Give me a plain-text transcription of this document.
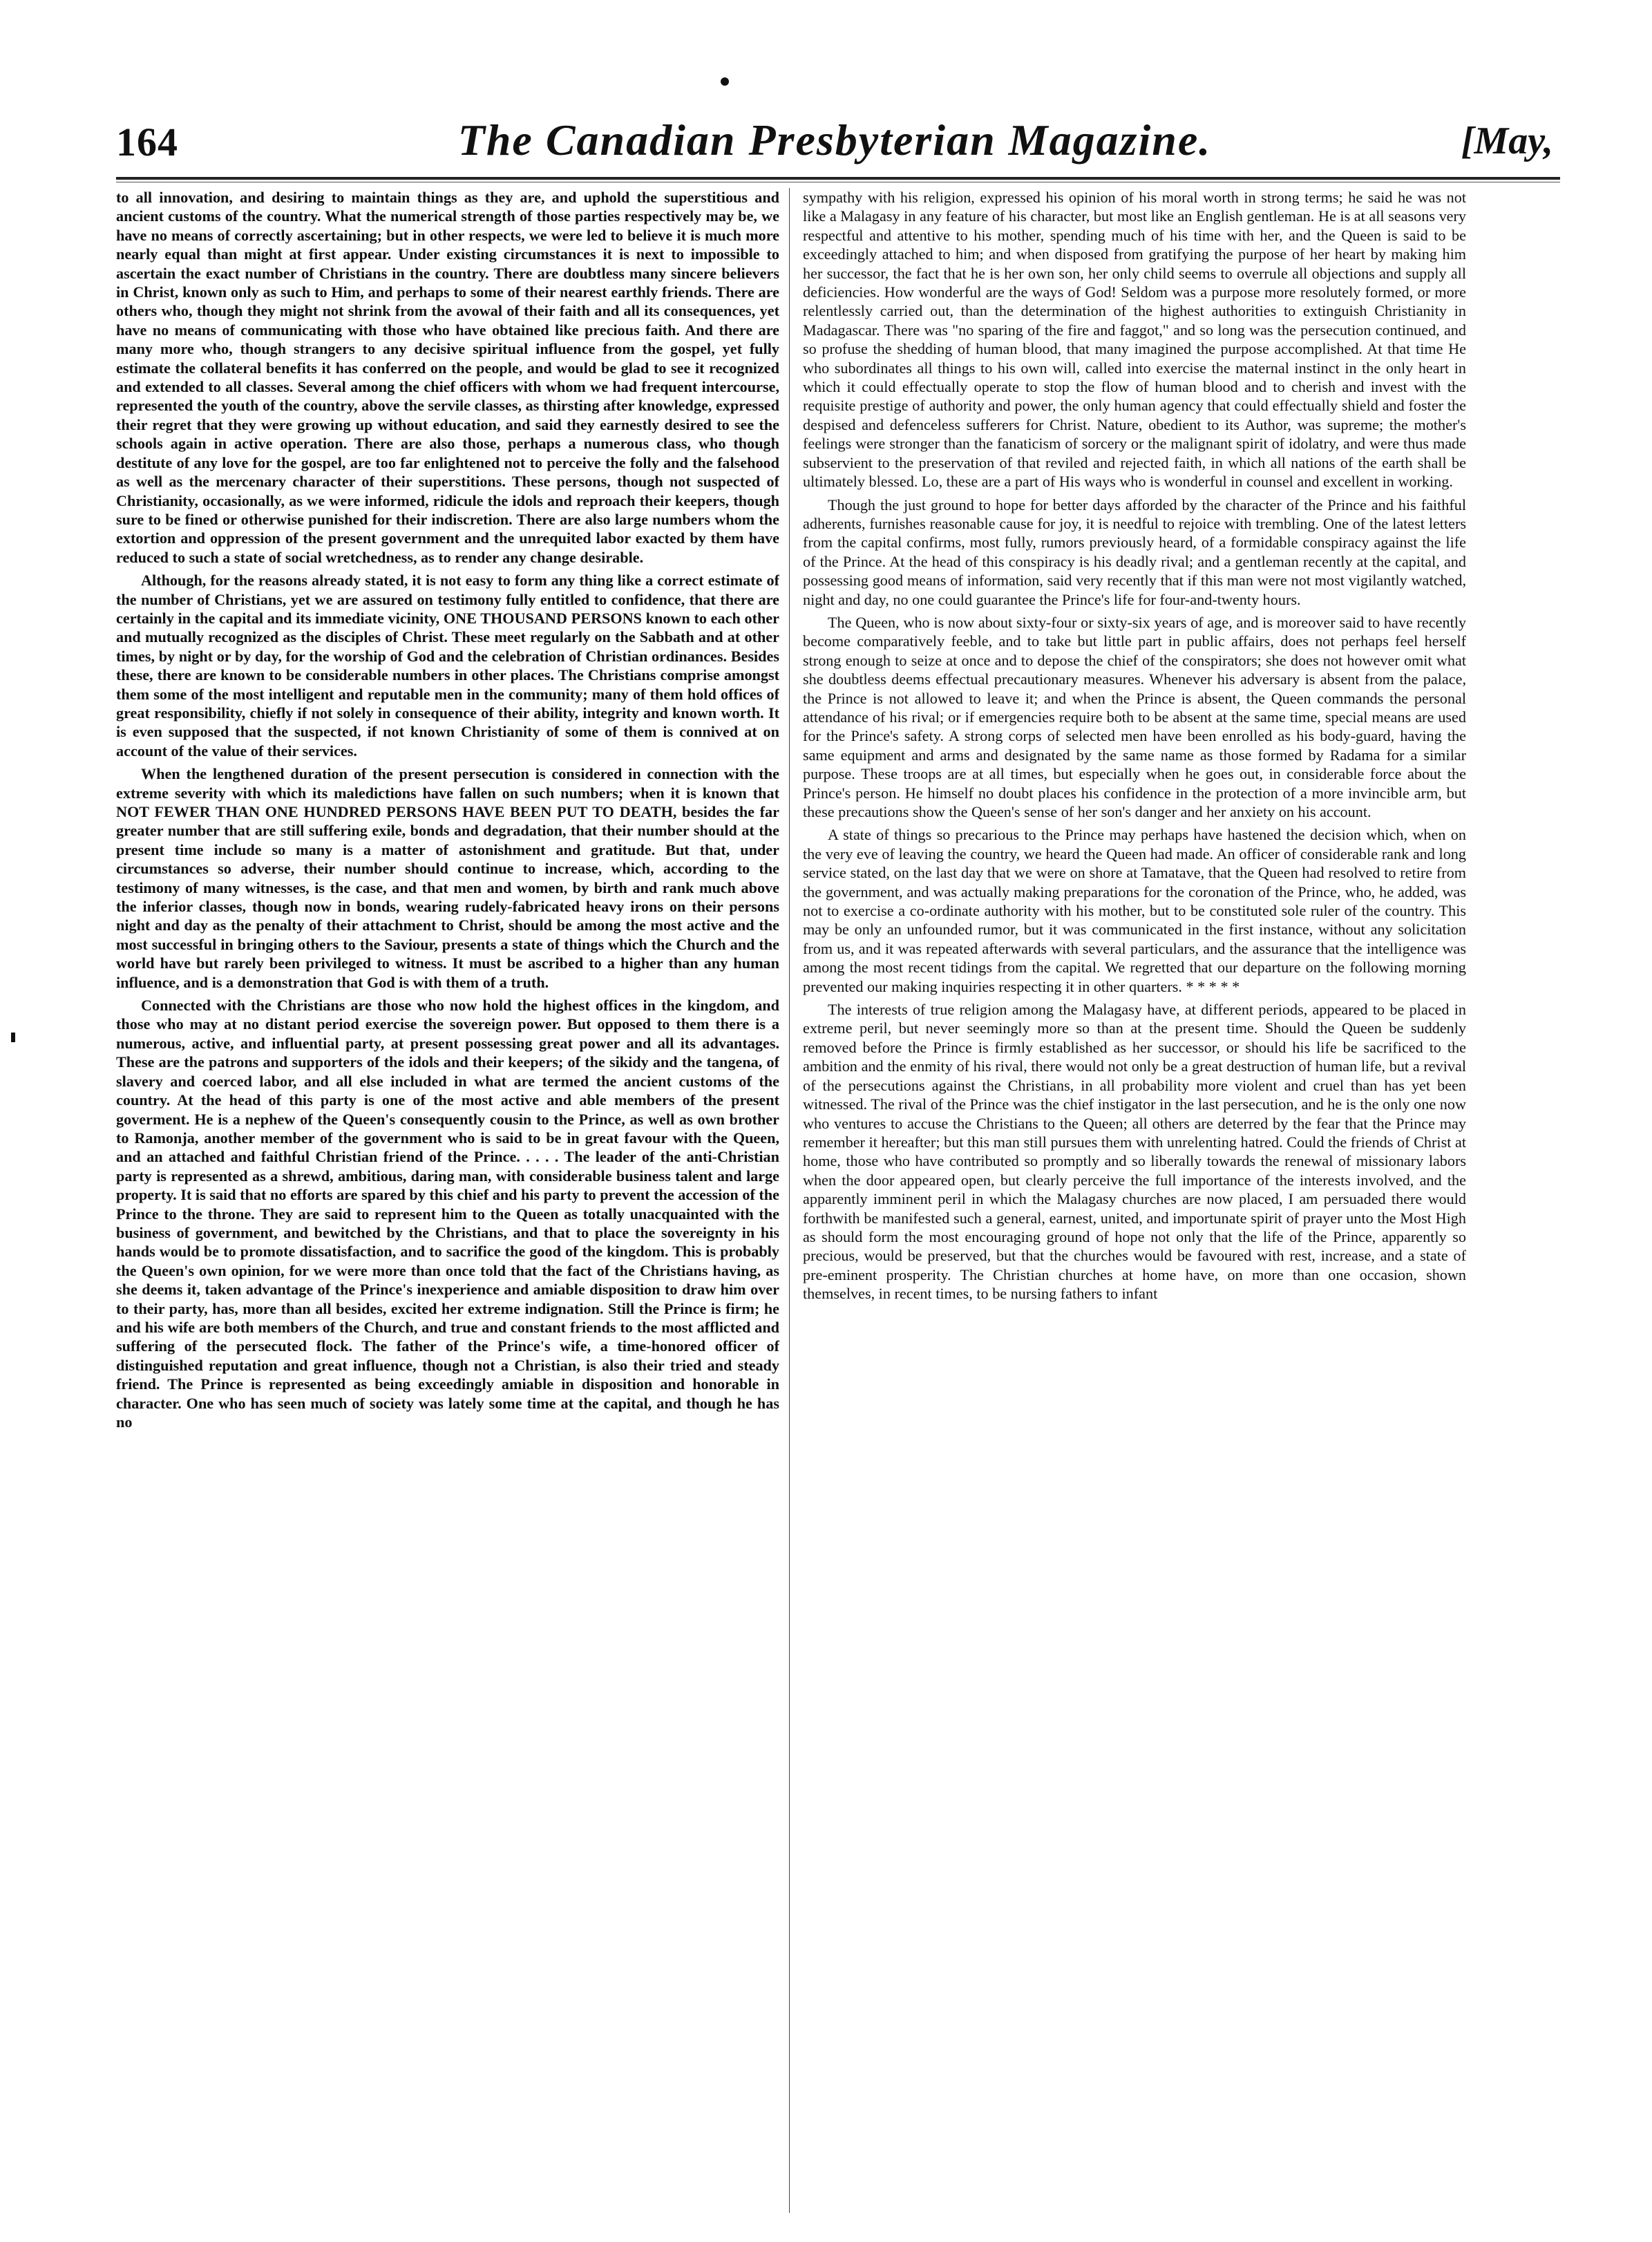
164	The Canadian Presbyterian Magazine.	[May,

to all innovation, and desiring to maintain things as they are, and uphold the superstitious and ancient customs of the country. What the numerical strength of those parties respectively may be, we have no means of correctly ascertaining; but in other respects, we were led to believe it is much more nearly equal than might at first appear. Under existing circumstances it is next to impossible to ascertain the exact number of Christians in the country. There are doubtless many sincere believers in Christ, known only as such to Him, and perhaps to some of their nearest earthly friends. There are others who, though they might not shrink from the avowal of their faith and all its consequences, yet have no means of communicating with those who have obtained like precious faith. And there are many more who, though strangers to any decisive spiritual influence from the gospel, yet fully estimate the collateral benefits it has conferred on the people, and would be glad to see it recognized and extended to all classes. Several among the chief officers with whom we had frequent intercourse, represented the youth of the country, above the servile classes, as thirsting after knowledge, expressed their regret that they were growing up without education, and said they earnestly desired to see the schools again in active operation. There are also those, perhaps a numerous class, who though destitute of any love for the gospel, are too far enlightened not to perceive the folly and the falsehood as well as the mercenary character of their superstitions. These persons, though not suspected of Christianity, occasionally, as we were informed, ridicule the idols and reproach their keepers, though sure to be fined or otherwise punished for their indiscretion. There are also large numbers whom the extortion and oppression of the present government and the unrequited labor exacted by them have reduced to such a state of social wretchedness, as to render any change desirable.

Although, for the reasons already stated, it is not easy to form any thing like a correct estimate of the number of Christians, yet we are assured on testimony fully entitled to confidence, that there are certainly in the capital and its immediate vicinity, ONE THOUSAND PERSONS known to each other and mutually recognized as the disciples of Christ. These meet regularly on the Sabbath and at other times, by night or by day, for the worship of God and the celebration of Christian ordinances. Besides these, there are known to be considerable numbers in other places. The Christians comprise amongst them some of the most intelligent and reputable men in the community; many of them hold offices of great responsibility, chiefly if not solely in consequence of their ability, integrity and known worth. It is even supposed that the suspected, if not known Christianity of some of them is connived at on account of the value of their services.

When the lengthened duration of the present persecution is considered in connection with the extreme severity with which its maledictions have fallen on such numbers; when it is known that NOT FEWER THAN ONE HUNDRED PERSONS HAVE BEEN PUT TO DEATH, besides the far greater number that are still suffering exile, bonds and degradation, that their number should at the present time include so many is a matter of astonishment and gratitude. But that, under circumstances so adverse, their number should continue to increase, which, according to the testimony of many witnesses, is the case, and that men and women, by birth and rank much above the inferior classes, though now in bonds, wearing rudely-fabricated heavy irons on their persons night and day as the penalty of their attachment to Christ, should be among the most active and the most successful in bringing others to the Saviour, presents a state of things which the Church and the world have but rarely been privileged to witness. It must be ascribed to a higher than any human influence, and is a demonstration that God is with them of a truth.

Connected with the Christians are those who now hold the highest offices in the kingdom, and those who may at no distant period exercise the sovereign power. But opposed to them there is a numerous, active, and influential party, at present possessing great power and all its advantages. These are the patrons and supporters of the idols and their keepers; of the sikidy and the tangena, of slavery and coerced labor, and all else included in what are termed the ancient customs of the country. At the head of this party is one of the most active and able members of the present goverment. He is a nephew of the Queen's consequently cousin to the Prince, as well as own brother to Ramonja, another member of the government who is said to be in great favour with the Queen, and an attached and faithful Christian friend of the Prince. . . . . The leader of the anti-Christian party is represented as a shrewd, ambitious, daring man, with considerable business talent and large property. It is said that no efforts are spared by this chief and his party to prevent the accession of the Prince to the throne. They are said to represent him to the Queen as totally unacquainted with the business of government, and bewitched by the Christians, and that to place the sovereignty in his hands would be to promote dissatisfaction, and to sacrifice the good of the kingdom. This is probably the Queen's own opinion, for we were more than once told that the fact of the Christians having, as she deems it, taken advantage of the Prince's inexperience and amiable disposition to draw him over to their party, has, more than all besides, excited her extreme indignation. Still the Prince is firm; he and his wife are both members of the Church, and true and constant friends to the most afflicted and suffering of the persecuted flock. The father of the Prince's wife, a time-honored officer of distinguished reputation and great influence, though not a Christian, is also their tried and steady friend. The Prince is represented as being exceedingly amiable in disposition and honorable in character. One who has seen much of society was lately some time at the capital, and though he has no

sympathy with his religion, expressed his opinion of his moral worth in strong terms; he said he was not like a Malagasy in any feature of his character, but most like an English gentleman. He is at all seasons very respectful and attentive to his mother, spending much of his time with her, and the Queen is said to be exceedingly attached to him; and when disposed from gratifying the purpose of her heart by making him her successor, the fact that he is her own son, her only child seems to overrule all objections and supply all deficiencies. How wonderful are the ways of God! Seldom was a purpose more resolutely formed, or more relentlessly carried out, than the determination of the highest authorities to extinguish Christianity in Madagascar. There was "no sparing of the fire and faggot," and so long was the persecution continued, and so profuse the shedding of human blood, that many imagined the purpose accomplished. At that time He who subordinates all things to his own will, called into exercise the maternal instinct in the only heart in which it could effectually operate to stop the flow of human blood and to cherish and invest with the requisite prestige of authority and power, the only human agency that could effectually shield and foster the despised and defenceless sufferers for Christ. Nature, obedient to its Author, was supreme; the mother's feelings were stronger than the fanaticism of sorcery or the malignant spirit of idolatry, and were thus made subservient to the preservation of that reviled and rejected faith, in which all nations of the earth shall be ultimately blessed. Lo, these are a part of His ways who is wonderful in counsel and excellent in working.

Though the just ground to hope for better days afforded by the character of the Prince and his faithful adherents, furnishes reasonable cause for joy, it is needful to rejoice with trembling. One of the latest letters from the capital confirms, most fully, rumors previously heard, of a formidable conspiracy against the life of the Prince. At the head of this conspiracy is his deadly rival; and a gentleman recently at the capital, and possessing good means of information, said very recently that if this man were not most vigilantly watched, night and day, no one could guarantee the Prince's life for four-and-twenty hours.

The Queen, who is now about sixty-four or sixty-six years of age, and is moreover said to have recently become comparatively feeble, and to take but little part in public affairs, does not perhaps feel herself strong enough to seize at once and to depose the chief of the conspirators; she does not however omit what she doubtless deems effectual precautionary measures. Whenever his adversary is absent from the palace, the Prince is not allowed to leave it; and when the Prince is absent, the Queen commands the personal attendance of his rival; or if emergencies require both to be absent at the same time, special means are used for the Prince's safety. A strong corps of selected men have been enrolled as his body-guard, having the same equipment and arms and designated by the same name as those formed by Radama for a similar purpose. These troops are at all times, but especially when he goes out, in considerable force about the Prince's person. He himself no doubt places his confidence in the protection of a more invincible arm, but these precautions show the Queen's sense of her son's danger and her anxiety on his account.

A state of things so precarious to the Prince may perhaps have hastened the decision which, when on the very eve of leaving the country, we heard the Queen had made. An officer of considerable rank and long service stated, on the last day that we were on shore at Tamatave, that the Queen had resolved to retire from the government, and was actually making preparations for the coronation of the Prince, who, he added, was not to exercise a co-ordinate authority with his mother, but to be constituted sole ruler of the country. This may be only an unfounded rumor, but it was communicated in the first instance, without any solicitation from us, and it was repeated afterwards with several particulars, and the assurance that the intelligence was among the most recent tidings from the capital. We regretted that our departure on the following morning prevented our making inquiries respecting it in other quarters. * * * * *

The interests of true religion among the Malagasy have, at different periods, appeared to be placed in extreme peril, but never seemingly more so than at the present time. Should the Queen be suddenly removed before the Prince is firmly established as her successor, or should his life be sacrificed to the ambition and the enmity of his rival, there would not only be a great destruction of human life, but a revival of the persecutions against the Christians, in all probability more violent and cruel than has yet been witnessed. The rival of the Prince was the chief instigator in the last persecution, and he is the only one now who ventures to accuse the Christians to the Queen; all others are deterred by the fear that the Prince may remember it hereafter; but this man still pursues them with unrelenting hatred. Could the friends of Christ at home, those who have contributed so promptly and so liberally towards the renewal of missionary labors when the door appeared open, but clearly perceive the full importance of the interests involved, and the apparently imminent peril in which the Malagasy churches are now placed, I am persuaded there would forthwith be manifested such a general, earnest, united, and importunate spirit of prayer unto the Most High as should form the most encouraging ground of hope not only that the life of the Prince, apparently so precious, would be preserved, but that the churches would be favoured with rest, increase, and a state of pre-eminent prosperity. The Christian churches at home have, on more than one occasion, shown themselves, in recent times, to be nursing fathers to infant
